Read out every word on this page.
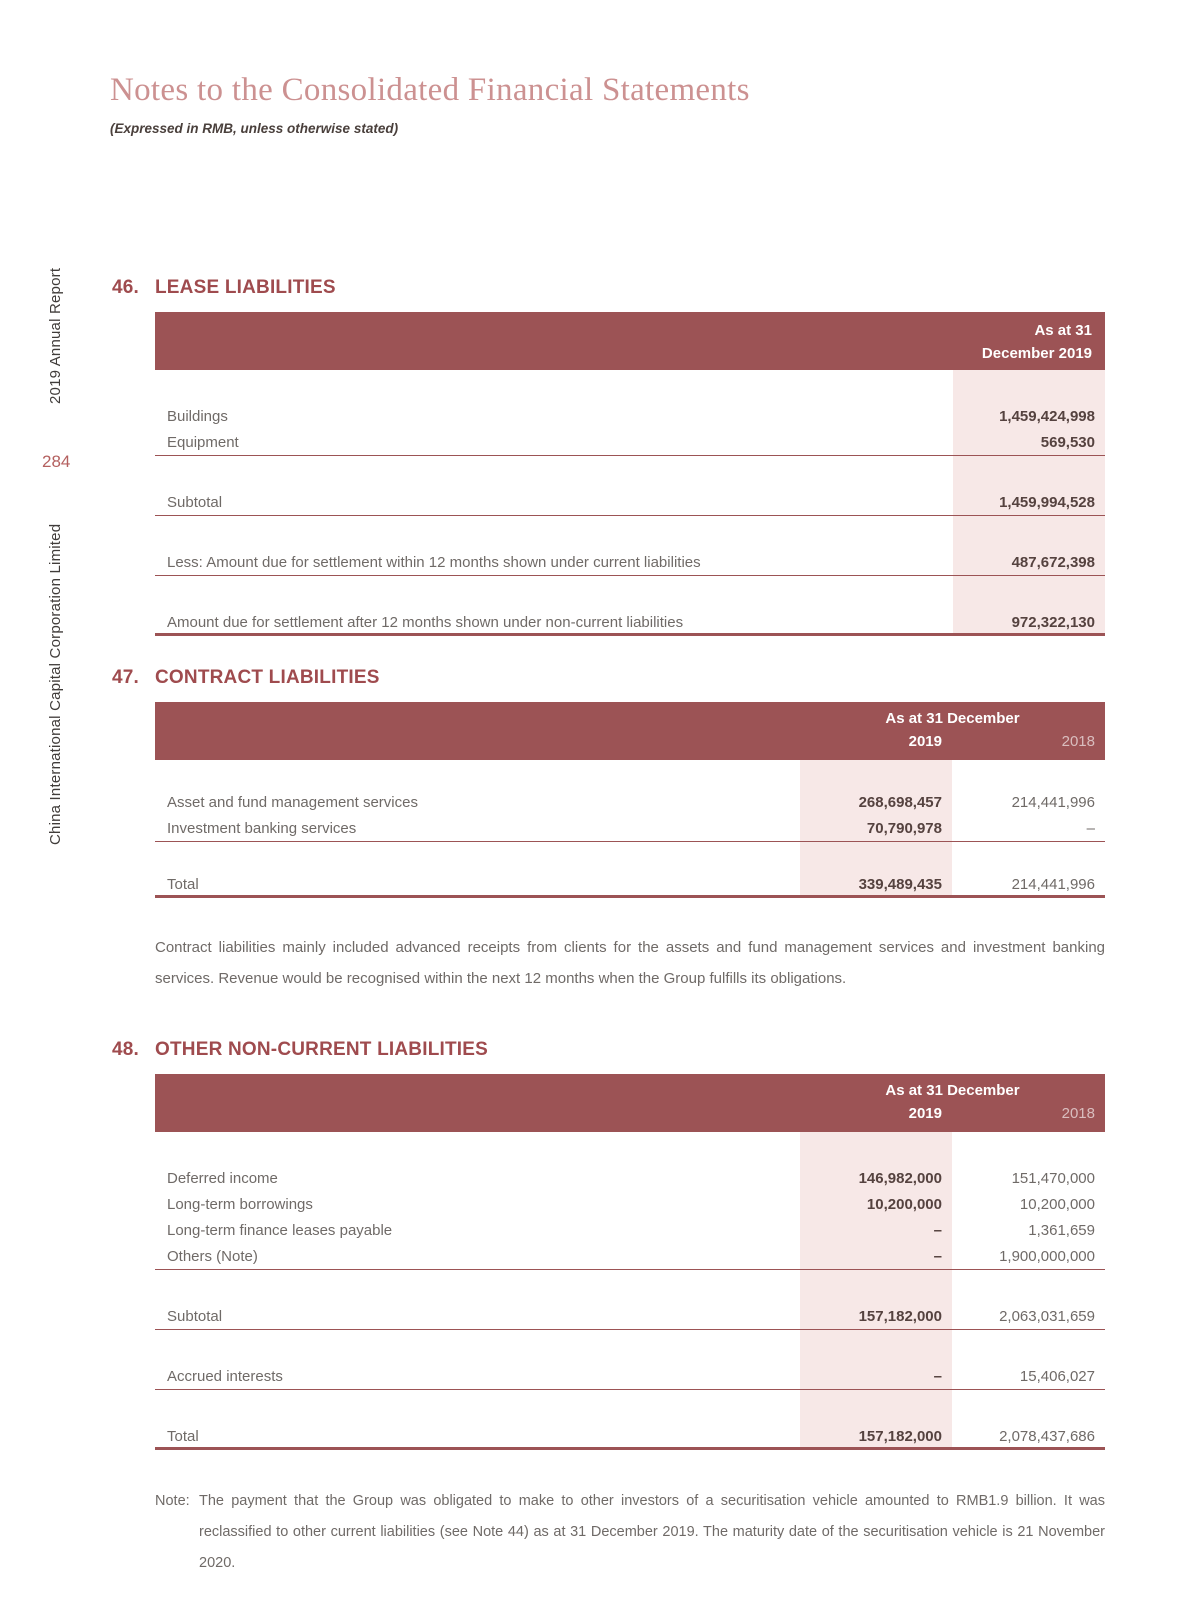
Notes to the Consolidated Financial Statements
(Expressed in RMB, unless otherwise stated)
2019 Annual Report
284
China International Capital Corporation Limited
46. LEASE LIABILITIES
As at 31
December 2019
Buildings	1,459,424,998
Equipment	569,530
Subtotal	1,459,994,528
Less: Amount due for settlement within 12 months shown under current liabilities	487,672,398
Amount due for settlement after 12 months shown under non-current liabilities	972,322,130
47. CONTRACT LIABILITIES
As at 31 December
2019	2018
Asset and fund management services	268,698,457	214,441,996
Investment banking services	70,790,978	–
Total	339,489,435	214,441,996
Contract liabilities mainly included advanced receipts from clients for the assets and fund management services and investment banking services. Revenue would be recognised within the next 12 months when the Group fulfills its obligations.
48. OTHER NON-CURRENT LIABILITIES
As at 31 December
2019	2018
Deferred income	146,982,000	151,470,000
Long-term borrowings	10,200,000	10,200,000
Long-term finance leases payable	–	1,361,659
Others (Note)	–	1,900,000,000
Subtotal	157,182,000	2,063,031,659
Accrued interests	–	15,406,027
Total	157,182,000	2,078,437,686
Note: The payment that the Group was obligated to make to other investors of a securitisation vehicle amounted to RMB1.9 billion. It was reclassified to other current liabilities (see Note 44) as at 31 December 2019. The maturity date of the securitisation vehicle is 21 November 2020.
